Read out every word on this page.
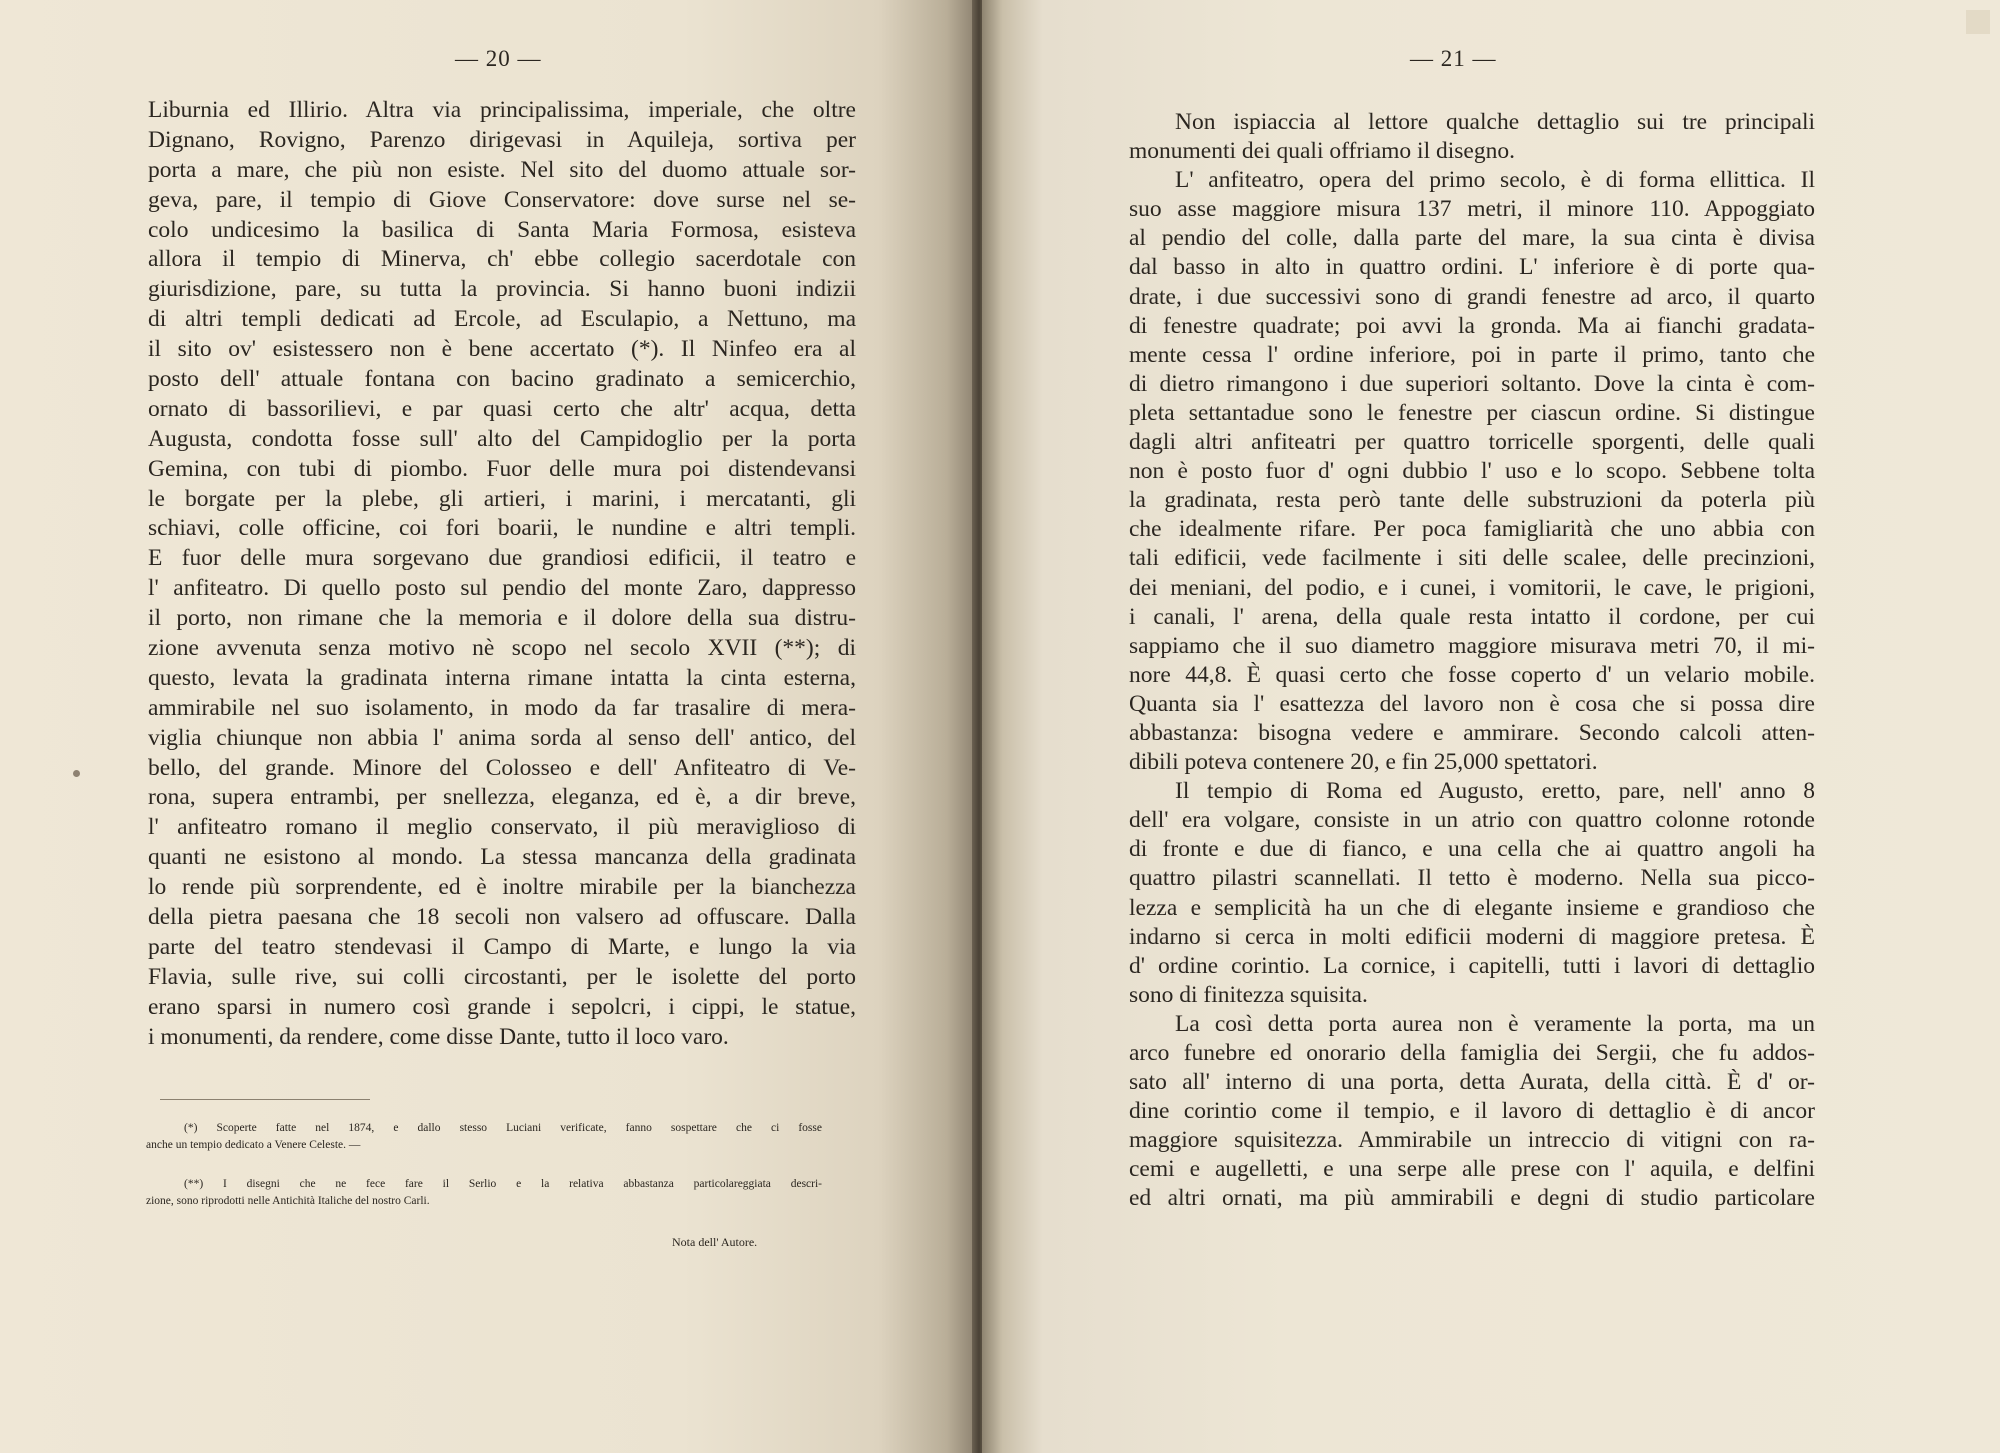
— 20 —
Liburnia ed Illirio. Altra via principalissima, imperiale, che oltre
Dignano, Rovigno, Parenzo dirigevasi in Aquileja, sortiva per
porta a mare, che più non esiste. Nel sito del duomo attuale sor-
geva, pare, il tempio di Giove Conservatore: dove surse nel se-
colo undicesimo la basilica di Santa Maria Formosa, esisteva
allora il tempio di Minerva, ch' ebbe collegio sacerdotale con
giurisdizione, pare, su tutta la provincia. Si hanno buoni indizii
di altri templi dedicati ad Ercole, ad Esculapio, a Nettuno, ma
il sito ov' esistessero non è bene accertato (*). Il Ninfeo era al
posto dell' attuale fontana con bacino gradinato a semicerchio,
ornato di bassorilievi, e par quasi certo che altr' acqua, detta
Augusta, condotta fosse sull' alto del Campidoglio per la porta
Gemina, con tubi di piombo. Fuor delle mura poi distendevansi
le borgate per la plebe, gli artieri, i marini, i mercatanti, gli
schiavi, colle officine, coi fori boarii, le nundine e altri templi.
E fuor delle mura sorgevano due grandiosi edificii, il teatro e
l' anfiteatro. Di quello posto sul pendio del monte Zaro, dappresso
il porto, non rimane che la memoria e il dolore della sua distru-
zione avvenuta senza motivo nè scopo nel secolo XVII (**); di
questo, levata la gradinata interna rimane intatta la cinta esterna,
ammirabile nel suo isolamento, in modo da far trasalire di mera-
viglia chiunque non abbia l' anima sorda al senso dell' antico, del
bello, del grande. Minore del Colosseo e dell' Anfiteatro di Ve-
rona, supera entrambi, per snellezza, eleganza, ed è, a dir breve,
l' anfiteatro romano il meglio conservato, il più meraviglioso di
quanti ne esistono al mondo. La stessa mancanza della gradinata
lo rende più sorprendente, ed è inoltre mirabile per la bianchezza
della pietra paesana che 18 secoli non valsero ad offuscare. Dalla
parte del teatro stendevasi il Campo di Marte, e lungo la via
Flavia, sulle rive, sui colli circostanti, per le isolette del porto
erano sparsi in numero così grande i sepolcri, i cippi, le statue,
i monumenti, da rendere, come disse Dante, tutto il loco varo.
(*) Scoperte fatte nel 1874, e dallo stesso Luciani verificate, fanno sospettare che ci fosse
anche un tempio dedicato a Venere Celeste. —
(**) I disegni che ne fece fare il Serlio e la relativa abbastanza particolareggiata descri-
zione, sono riprodotti nelle Antichità Italiche del nostro Carli.
Nota dell' Autore.
— 21 —
Non ispiaccia al lettore qualche dettaglio sui tre principali
monumenti dei quali offriamo il disegno.
L' anfiteatro, opera del primo secolo, è di forma ellittica. Il
suo asse maggiore misura 137 metri, il minore 110. Appoggiato
al pendio del colle, dalla parte del mare, la sua cinta è divisa
dal basso in alto in quattro ordini. L' inferiore è di porte qua-
drate, i due successivi sono di grandi fenestre ad arco, il quarto
di fenestre quadrate; poi avvi la gronda. Ma ai fianchi gradata-
mente cessa l' ordine inferiore, poi in parte il primo, tanto che
di dietro rimangono i due superiori soltanto. Dove la cinta è com-
pleta settantadue sono le fenestre per ciascun ordine. Si distingue
dagli altri anfiteatri per quattro torricelle sporgenti, delle quali
non è posto fuor d' ogni dubbio l' uso e lo scopo. Sebbene tolta
la gradinata, resta però tante delle substruzioni da poterla più
che idealmente rifare. Per poca famigliarità che uno abbia con
tali edificii, vede facilmente i siti delle scalee, delle precinzioni,
dei meniani, del podio, e i cunei, i vomitorii, le cave, le prigioni,
i canali, l' arena, della quale resta intatto il cordone, per cui
sappiamo che il suo diametro maggiore misurava metri 70, il mi-
nore 44,8. È quasi certo che fosse coperto d' un velario mobile.
Quanta sia l' esattezza del lavoro non è cosa che si possa dire
abbastanza: bisogna vedere e ammirare. Secondo calcoli atten-
dibili poteva contenere 20, e fin 25,000 spettatori.
Il tempio di Roma ed Augusto, eretto, pare, nell' anno 8
dell' era volgare, consiste in un atrio con quattro colonne rotonde
di fronte e due di fianco, e una cella che ai quattro angoli ha
quattro pilastri scannellati. Il tetto è moderno. Nella sua picco-
lezza e semplicità ha un che di elegante insieme e grandioso che
indarno si cerca in molti edificii moderni di maggiore pretesa. È
d' ordine corintio. La cornice, i capitelli, tutti i lavori di dettaglio
sono di finitezza squisita.
La così detta porta aurea non è veramente la porta, ma un
arco funebre ed onorario della famiglia dei Sergii, che fu addos-
sato all' interno di una porta, detta Aurata, della città. È d' or-
dine corintio come il tempio, e il lavoro di dettaglio è di ancor
maggiore squisitezza. Ammirabile un intreccio di vitigni con ra-
cemi e augelletti, e una serpe alle prese con l' aquila, e delfini
ed altri ornati, ma più ammirabili e degni di studio particolare
